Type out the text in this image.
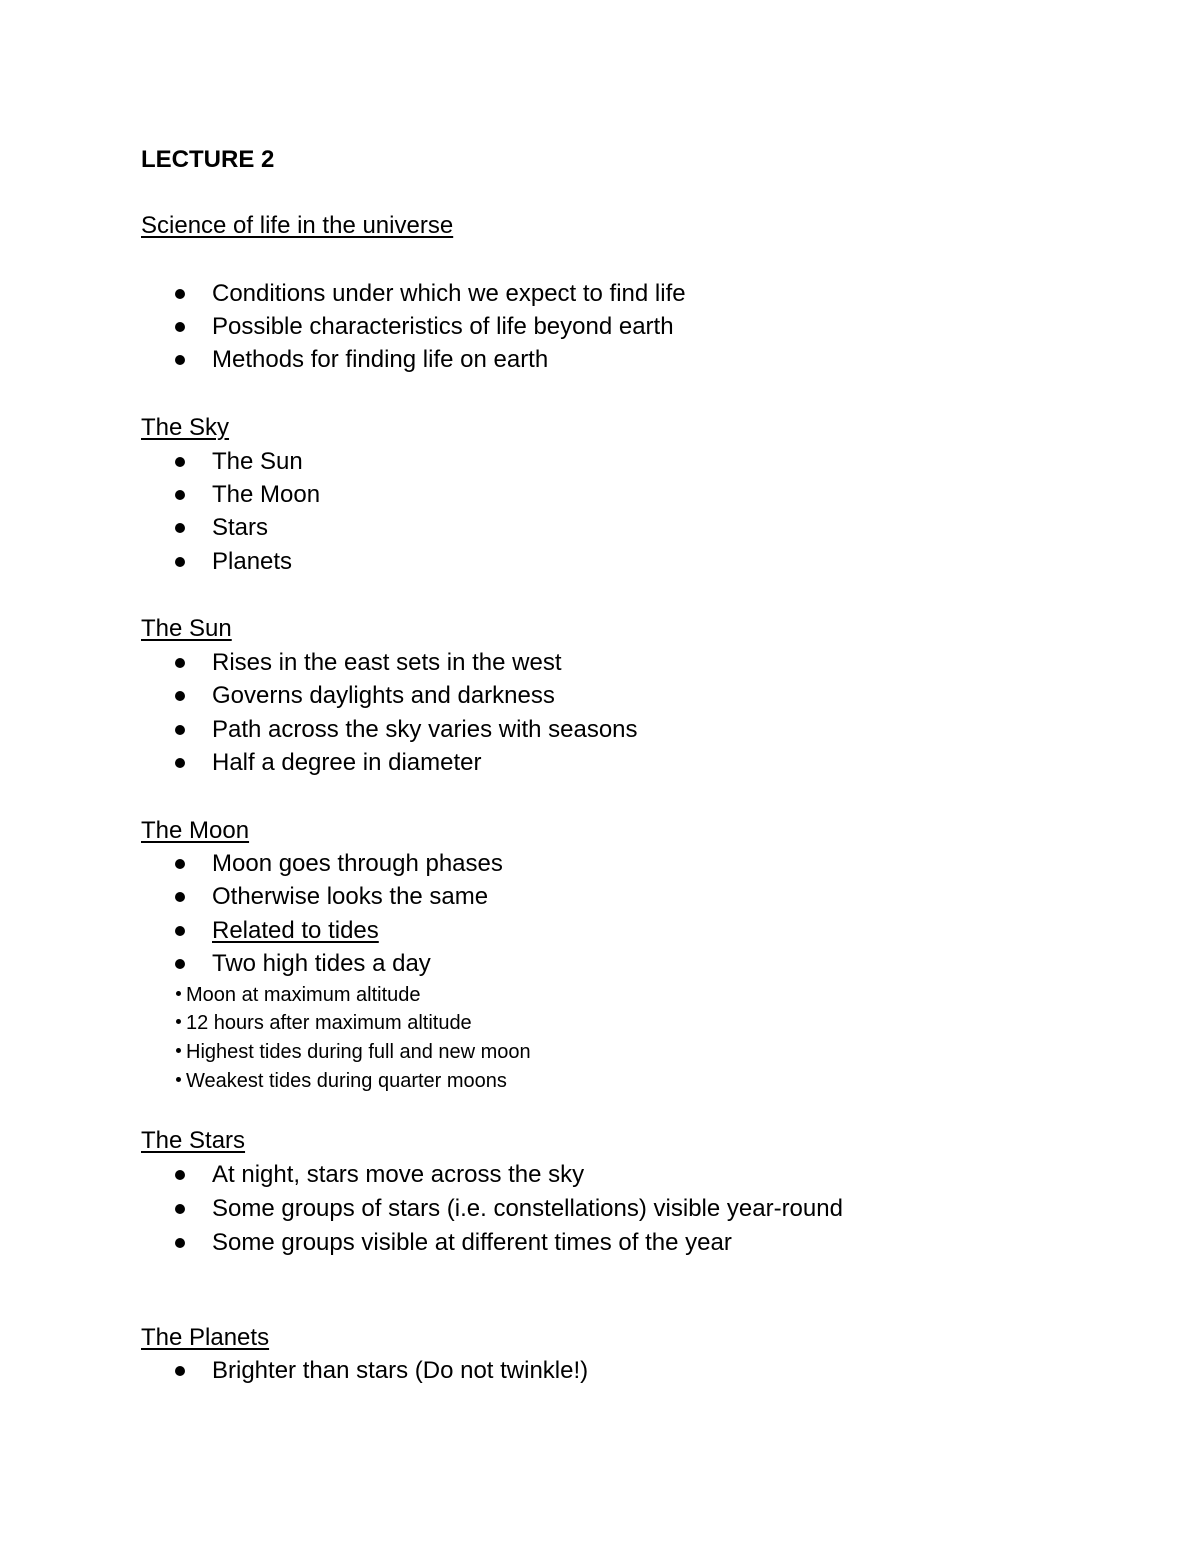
LECTURE 2
Science of life in the universe
Conditions under which we expect to find life
Possible characteristics of life beyond earth
Methods for finding life on earth
The Sky
The Sun
The Moon
Stars
Planets
The Sun
Rises in the east sets in the west
Governs daylights and darkness
Path across the sky varies with seasons
Half a degree in diameter
The Moon
Moon goes through phases
Otherwise looks the same
Related to tides
Two high tides a day
Moon at maximum altitude
12 hours after maximum altitude
Highest tides during full and new moon
Weakest tides during quarter moons
The Stars
At night, stars move across the sky
Some groups of stars (i.e. constellations) visible year-round
Some groups visible at different times of the year
The Planets
Brighter than stars (Do not twinkle!)
